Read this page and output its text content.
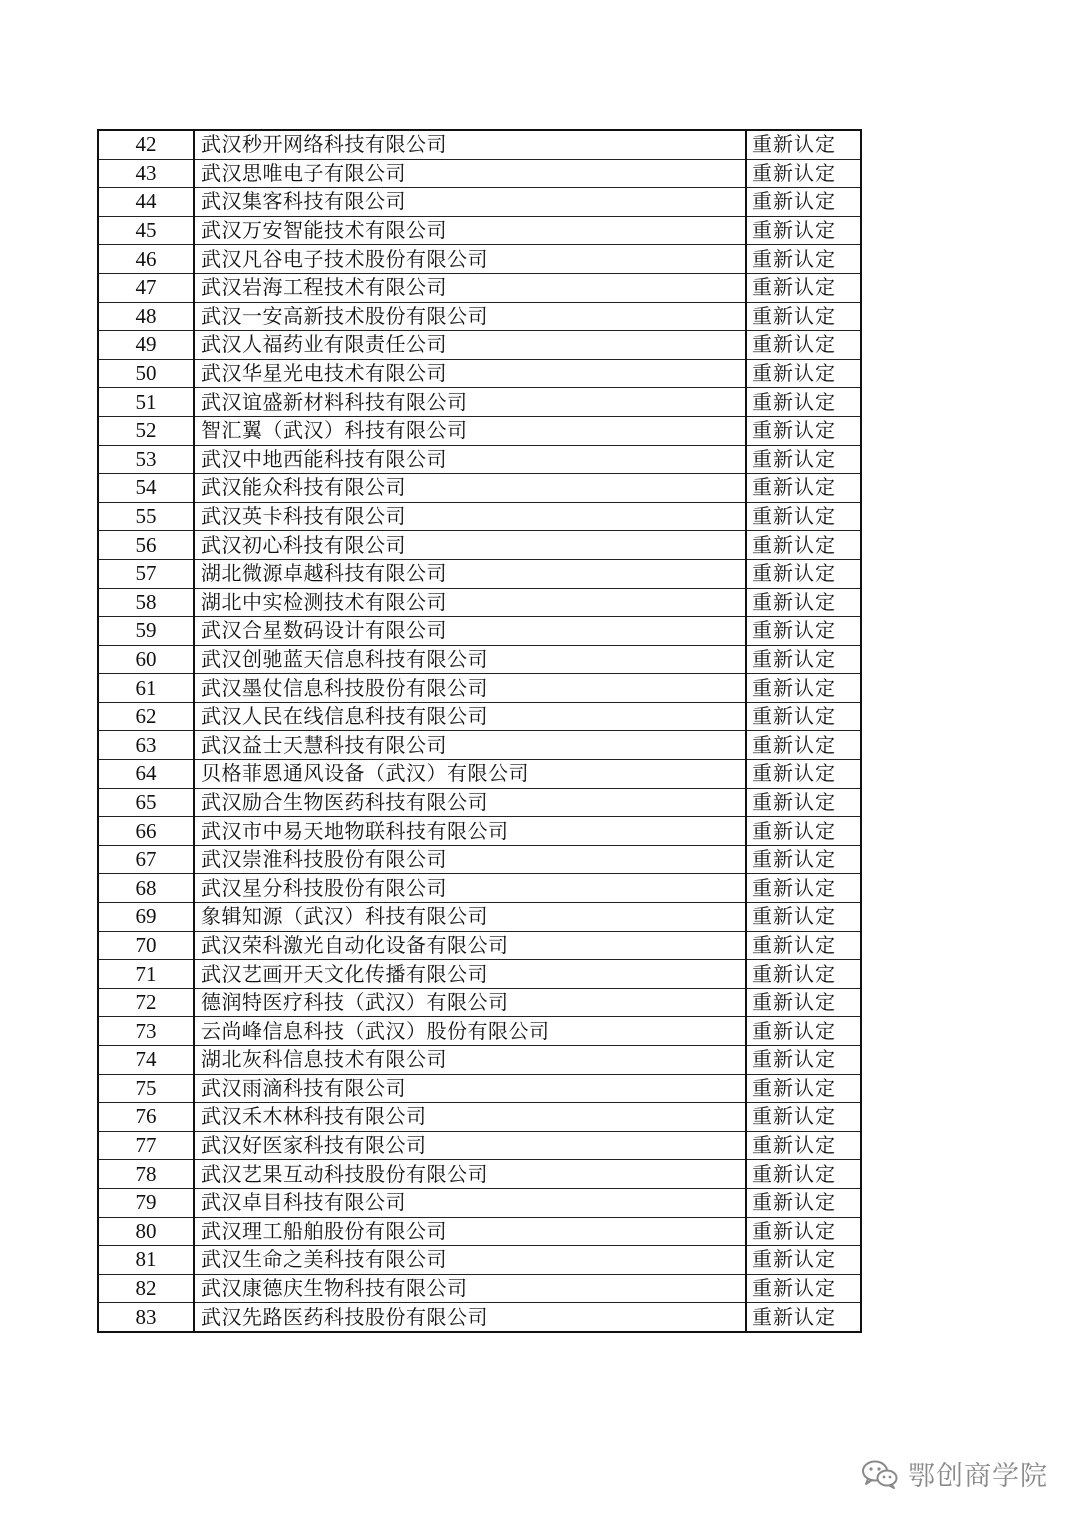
42	武汉秒开网络科技有限公司	重新认定
43	武汉思唯电子有限公司	重新认定
44	武汉集客科技有限公司	重新认定
45	武汉万安智能技术有限公司	重新认定
46	武汉凡谷电子技术股份有限公司	重新认定
47	武汉岩海工程技术有限公司	重新认定
48	武汉一安高新技术股份有限公司	重新认定
49	武汉人福药业有限责任公司	重新认定
50	武汉华星光电技术有限公司	重新认定
51	武汉谊盛新材料科技有限公司	重新认定
52	智汇翼（武汉）科技有限公司	重新认定
53	武汉中地西能科技有限公司	重新认定
54	武汉能众科技有限公司	重新认定
55	武汉英卡科技有限公司	重新认定
56	武汉初心科技有限公司	重新认定
57	湖北微源卓越科技有限公司	重新认定
58	湖北中实检测技术有限公司	重新认定
59	武汉合星数码设计有限公司	重新认定
60	武汉创驰蓝天信息科技有限公司	重新认定
61	武汉墨仗信息科技股份有限公司	重新认定
62	武汉人民在线信息科技有限公司	重新认定
63	武汉益士天慧科技有限公司	重新认定
64	贝格菲恩通风设备（武汉）有限公司	重新认定
65	武汉励合生物医药科技有限公司	重新认定
66	武汉市中易天地物联科技有限公司	重新认定
67	武汉崇淮科技股份有限公司	重新认定
68	武汉星分科技股份有限公司	重新认定
69	象辑知源（武汉）科技有限公司	重新认定
70	武汉荣科激光自动化设备有限公司	重新认定
71	武汉艺画开天文化传播有限公司	重新认定
72	德润特医疗科技（武汉）有限公司	重新认定
73	云尚峰信息科技（武汉）股份有限公司	重新认定
74	湖北灰科信息技术有限公司	重新认定
75	武汉雨滴科技有限公司	重新认定
76	武汉禾木林科技有限公司	重新认定
77	武汉好医家科技有限公司	重新认定
78	武汉艺果互动科技股份有限公司	重新认定
79	武汉卓目科技有限公司	重新认定
80	武汉理工船舶股份有限公司	重新认定
81	武汉生命之美科技有限公司	重新认定
82	武汉康德庆生物科技有限公司	重新认定
83	武汉先路医药科技股份有限公司	重新认定
鄂创商学院
